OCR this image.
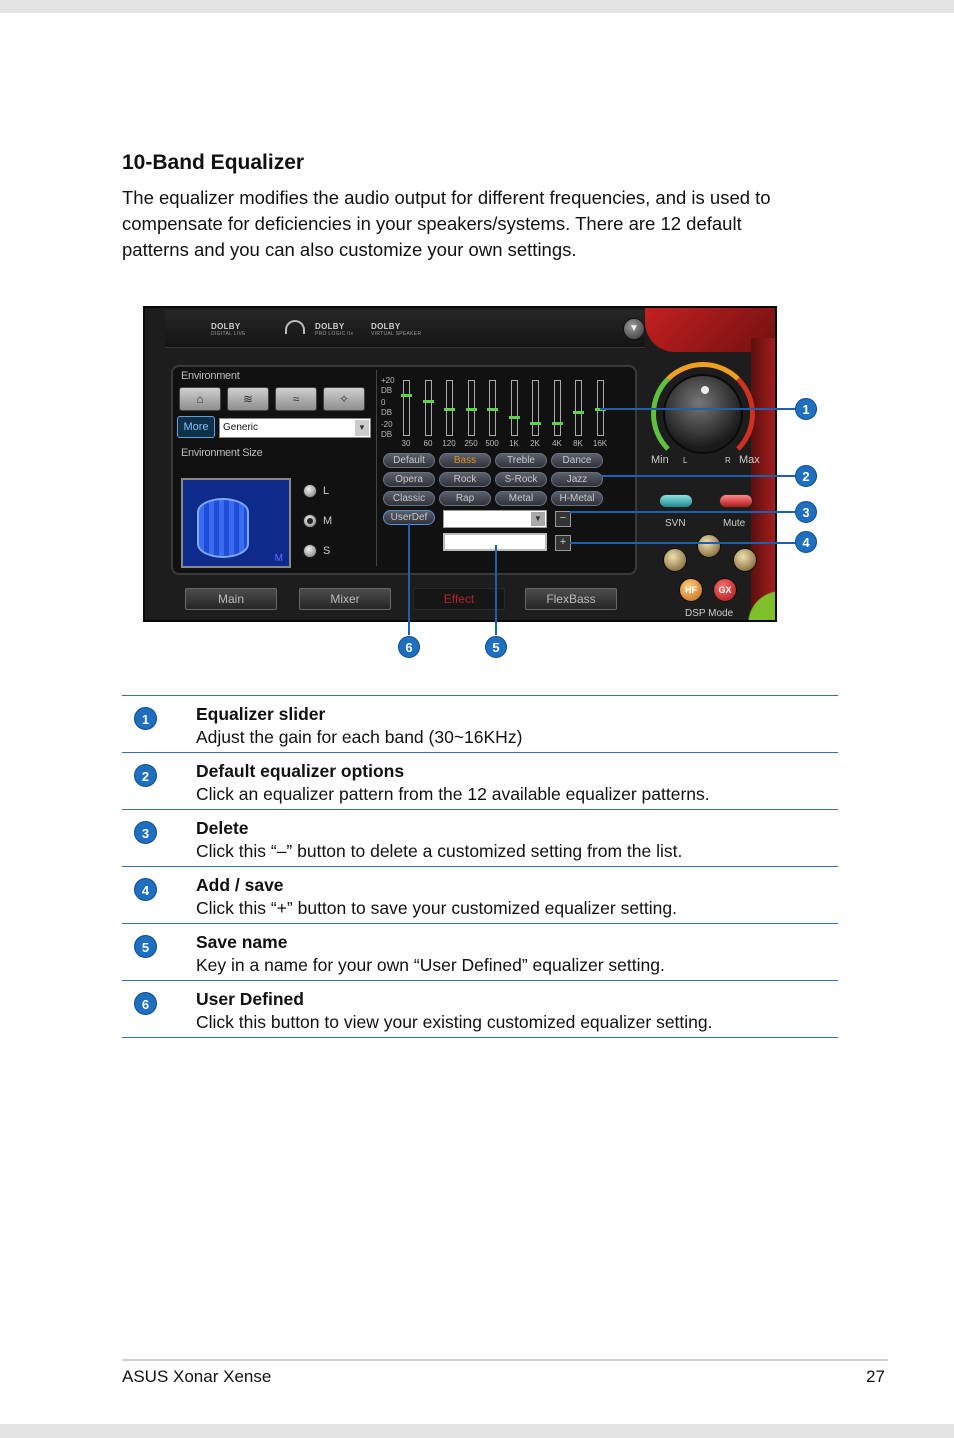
10-Band Equalizer

The equalizer modifies the audio output for different frequencies, and is used to compensate for deficiencies in your speakers/systems. There are 12 default patterns and you can also customize your own settings.

DOLBY
DIGITAL LIVE
DOLBY
PRO LOGIC IIx
DOLBY
VIRTUAL SPEAKER	▼
Environment
⌂	≋	≈	✧
More	Generic	▼
Environment Size
M
L
M
S
+20
DB
0
DB
-20
DB
30	60	120	250 500	1K	2K	4K	8K	16K
Default	Bass	Treble	Dance
Opera	Rock	S-Rock	Jazz
Classic	Rap	Metal	H-Metal
UserDef	▼	−
+
Min	Max
L	R
SVN	Mute
HF	GX
DSP Mode
Main	Mixer	Effect	FlexBass
1
2
3
4
6	5
1	Equalizer slider
Adjust the gain for each band (30~16KHz)
2	Default equalizer options
Click an equalizer pattern from the 12 available equalizer patterns.
3	Delete
Click this “–” button to delete a customized setting from the list.
4	Add / save
Click this “+” button to save your customized equalizer setting.
5	Save name
Key in a name for your own “User Defined” equalizer setting.
6	User Defined
Click this button to view your existing customized equalizer setting.
ASUS Xonar Xense	27
